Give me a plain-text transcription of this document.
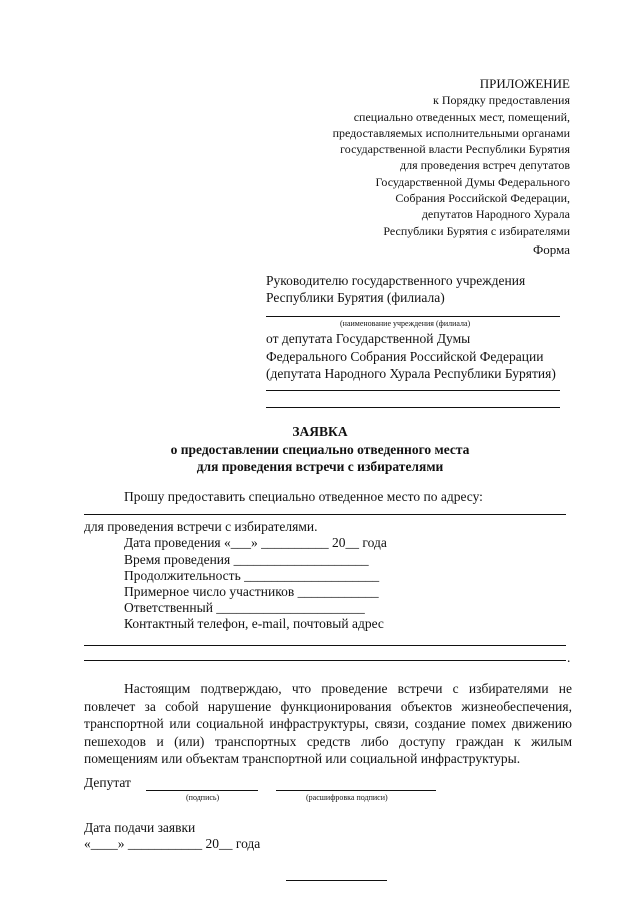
ПРИЛОЖЕНИЕ
к Порядку предоставления
специально отведенных мест, помещений,
предоставляемых исполнительными органами
государственной власти Республики Бурятия
для проведения встреч депутатов
Государственной Думы Федерального
Собрания Российской Федерации,
депутатов Народного Хурала
Республики Бурятия с избирателями
Форма
Руководителю государственного учреждения
Республики Бурятия (филиала)
(наименование учреждения (филиала)
от депутата Государственной Думы
Федерального Собрания Российской Федерации
(депутата Народного Хурала Республики Бурятия)
ЗАЯВКА
о предоставлении специально отведенного места
для проведения встречи с избирателями
Прошу предоставить специально отведенное место по адресу:
для проведения встречи с избирателями.
Дата проведения «___» __________ 20__ года
Время проведения ____________________
Продолжительность ____________________
Примерное число участников ____________
Ответственный ______________________
Контактный телефон, e-mail, почтовый адрес
.
Настоящим подтверждаю, что проведение встречи с избирателями не повлечет за собой нарушение функционирования объектов жизнеобеспечения, транспортной или социальной инфраструктуры, связи, создание помех движению пешеходов и (или) транспортных средств либо доступу граждан к жилым помещениям или объектам транспортной или социальной инфраструктуры.
Депутат
(подпись)	(расшифровка подписи)
Дата подачи заявки
«____» ___________ 20__ года
